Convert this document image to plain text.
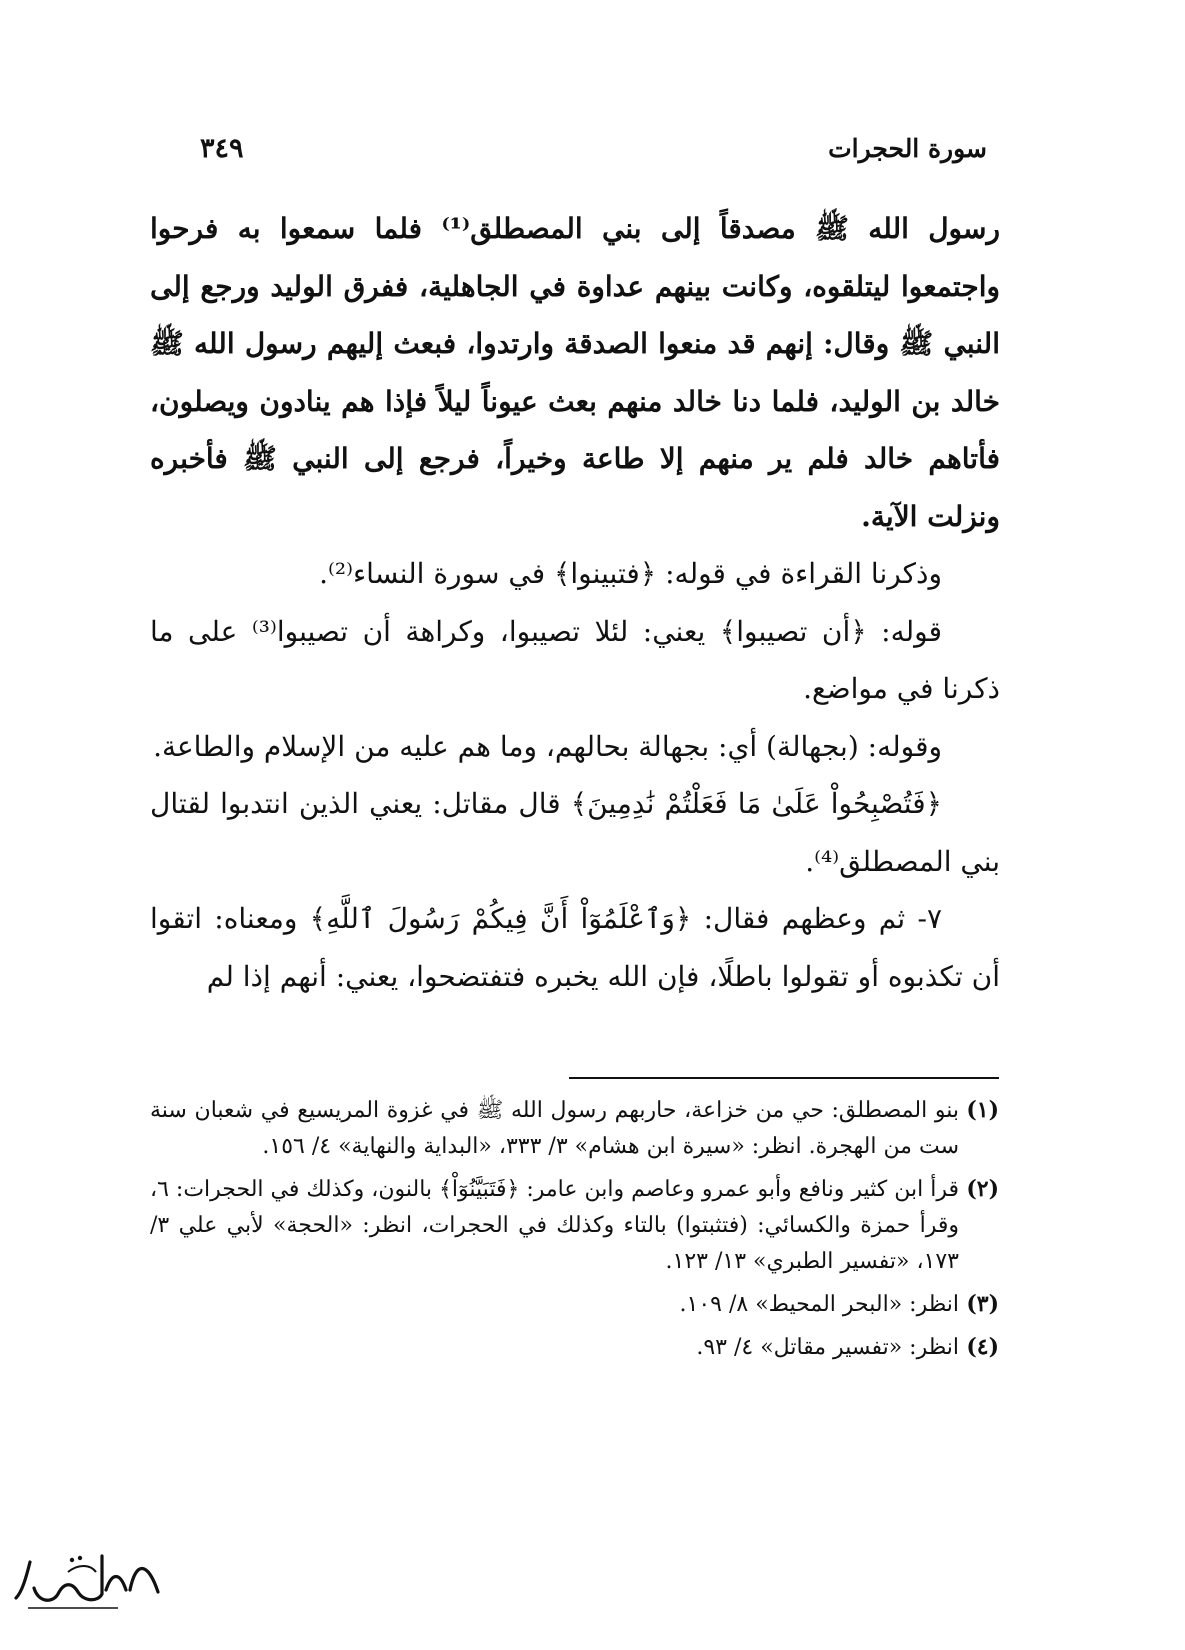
سورة الحجرات
٣٤٩

رسول الله ﷺ مصدقاً إلى بني المصطلق⁽¹⁾ فلما سمعوا به فرحوا واجتمعوا ليتلقوه، وكانت بينهم عداوة في الجاهلية، ففرق الوليد ورجع إلى النبي ﷺ وقال: إنهم قد منعوا الصدقة وارتدوا، فبعث إليهم رسول الله ﷺ خالد بن الوليد، فلما دنا خالد منهم بعث عيوناً ليلاً فإذا هم ينادون ويصلون، فأتاهم خالد فلم ير منهم إلا طاعة وخيراً، فرجع إلى النبي ﷺ فأخبره ونزلت الآية.

وذكرنا القراءة في قوله: ﴿فتبينوا﴾ في سورة النساء⁽²⁾.

قوله: ﴿أن تصيبوا﴾ يعني: لئلا تصيبوا، وكراهة أن تصيبوا⁽³⁾ على ما ذكرنا في مواضع.

وقوله: (بجهالة) أي: بجهالة بحالهم، وما هم عليه من الإسلام والطاعة.

﴿فَتُصْبِحُواْ عَلَىٰ مَا فَعَلْتُمْ نَٰدِمِينَ﴾ قال مقاتل: يعني الذين انتدبوا لقتال بني المصطلق⁽⁴⁾.

٧- ثم وعظهم فقال: ﴿وَٱعْلَمُوٓاْ أَنَّ فِيكُمْ رَسُولَ ٱللَّهِ﴾ ومعناه: اتقوا أن تكذبوه أو تقولوا باطلًا، فإن الله يخبره فتفتضحوا، يعني: أنهم إذا لم

(١)بنو المصطلق: حي من خزاعة، حاربهم رسول الله ﷺ في غزوة المريسيع في شعبان سنة ست من الهجرة. انظر: «سيرة ابن هشام» ٣/ ٣٣٣، «البداية والنهاية» ٤/ ١٥٦.

(٢)قرأ ابن كثير ونافع وأبو عمرو وعاصم وابن عامر: ﴿فَتَبَيَّنُوٓاْ﴾ بالنون، وكذلك في الحجرات: ٦، وقرأ حمزة والكسائي: (فتثبتوا) بالتاء وكذلك في الحجرات، انظر: «الحجة» لأبي علي ٣/ ١٧٣، «تفسير الطبري» ١٣/ ١٢٣.

(٣)انظر: «البحر المحيط» ٨/ ١٠٩.

(٤)انظر: «تفسير مقاتل» ٤/ ٩٣.
